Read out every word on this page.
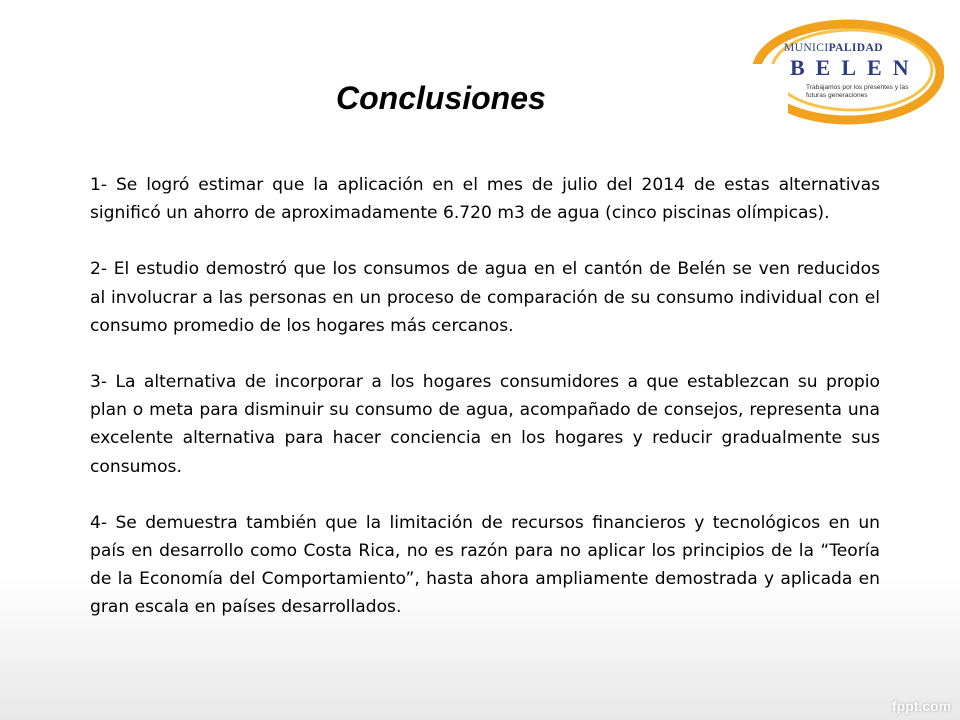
MUNICIPALIDAD
BELEN
Trabajamos por los presentes y las futuras generaciones
Conclusiones

1- Se logró estimar que la aplicación en el mes de julio del 2014 de estas alternativas significó un ahorro de aproximadamente 6.720 m3 de agua (cinco piscinas olímpicas).

2- El estudio demostró que los consumos de agua en el cantón de Belén se ven reducidos al involucrar a las personas en un proceso de comparación de su consumo individual con el consumo promedio de los hogares más cercanos.

3- La alternativa de incorporar a los hogares consumidores a que establezcan su propio plan o meta para disminuir su consumo de agua, acompañado de consejos, representa una excelente alternativa para hacer conciencia en los hogares y reducir gradualmente sus consumos.

4- Se demuestra también que la limitación de recursos financieros y tecnológicos en un país en desarrollo como Costa Rica, no es razón para no aplicar los principios de la “Teoría de la Economía del Comportamiento”, hasta ahora ampliamente demostrada y aplicada en gran escala en países desarrollados.

fppt.com
